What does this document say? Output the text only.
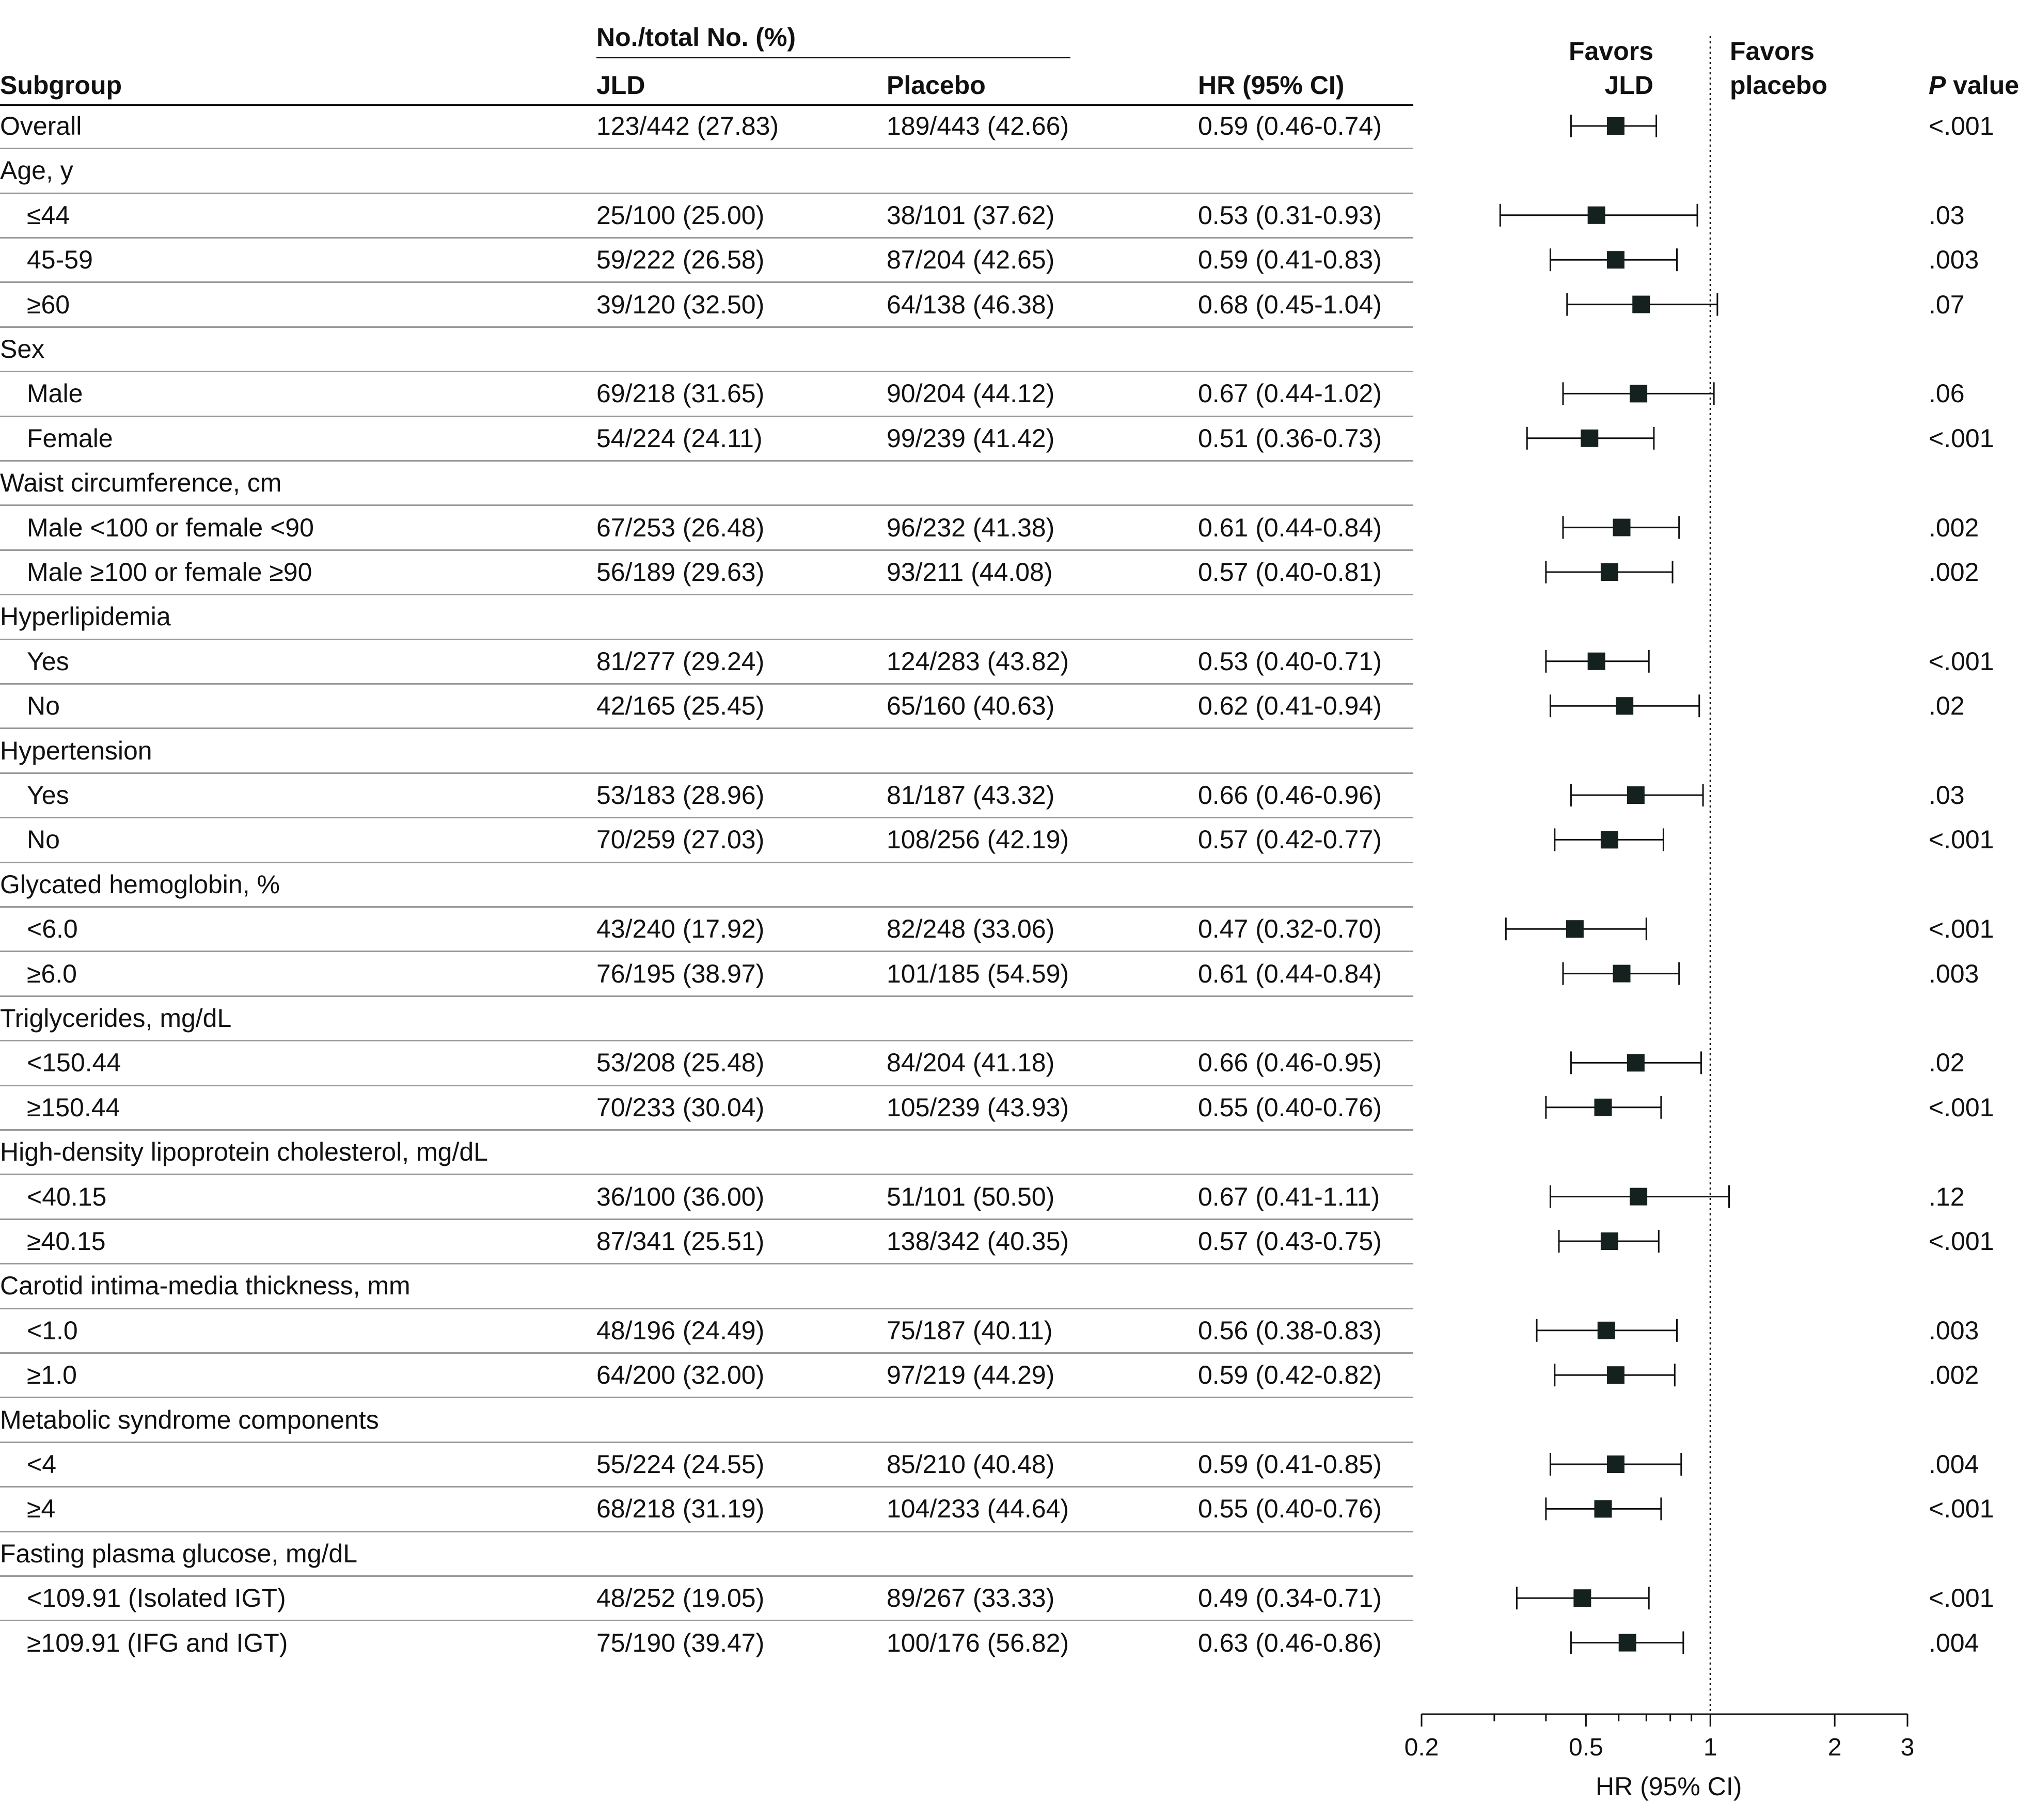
No./total No. (%)
Subgroup	JLD	Placebo	HR (95% CI)
Favors
JLD
Favors
placebo	P value
Overall	123/442 (27.83)	189/443 (42.66)	0.59 (0.46-0.74)	<.001
Age, y
≤44	25/100 (25.00)	38/101 (37.62)	0.53 (0.31-0.93)	.03
45-59	59/222 (26.58)	87/204 (42.65)	0.59 (0.41-0.83)	.003
≥60	39/120 (32.50)	64/138 (46.38)	0.68 (0.45-1.04)	.07
Sex
Male	69/218 (31.65)	90/204 (44.12)	0.67 (0.44-1.02)	.06
Female	54/224 (24.11)	99/239 (41.42)	0.51 (0.36-0.73)	<.001
Waist circumference, cm
Male <100 or female <90	67/253 (26.48)	96/232 (41.38)	0.61 (0.44-0.84)	.002
Male ≥100 or female ≥90	56/189 (29.63)	93/211 (44.08)	0.57 (0.40-0.81)	.002
Hyperlipidemia
Yes	81/277 (29.24)	124/283 (43.82)	0.53 (0.40-0.71)	<.001
No	42/165 (25.45)	65/160 (40.63)	0.62 (0.41-0.94)	.02
Hypertension
Yes	53/183 (28.96)	81/187 (43.32)	0.66 (0.46-0.96)	.03
No	70/259 (27.03)	108/256 (42.19)	0.57 (0.42-0.77)	<.001
Glycated hemoglobin, %
<6.0	43/240 (17.92)	82/248 (33.06)	0.47 (0.32-0.70)	<.001
≥6.0	76/195 (38.97)	101/185 (54.59)	0.61 (0.44-0.84)	.003
Triglycerides, mg/dL
<150.44	53/208 (25.48)	84/204 (41.18)	0.66 (0.46-0.95)	.02
≥150.44	70/233 (30.04)	105/239 (43.93)	0.55 (0.40-0.76)	<.001
High-density lipoprotein cholesterol, mg/dL
<40.15	36/100 (36.00)	51/101 (50.50)	0.67 (0.41-1.11)	.12
≥40.15	87/341 (25.51)	138/342 (40.35)	0.57 (0.43-0.75)	<.001
Carotid intima-media thickness, mm
<1.0	48/196 (24.49)	75/187 (40.11)	0.56 (0.38-0.83)	.003
≥1.0	64/200 (32.00)	97/219 (44.29)	0.59 (0.42-0.82)	.002
Metabolic syndrome components
<4	55/224 (24.55)	85/210 (40.48)	0.59 (0.41-0.85)	.004
≥4	68/218 (31.19)	104/233 (44.64)	0.55 (0.40-0.76)	<.001
Fasting plasma glucose, mg/dL
<109.91 (Isolated IGT)	48/252 (19.05)	89/267 (33.33)	0.49 (0.34-0.71)	<.001
≥109.91 (IFG and IGT)	75/190 (39.47)	100/176 (56.82)	0.63 (0.46-0.86)	.004
0.2	0.5	1	2 3
HR (95% CI)
